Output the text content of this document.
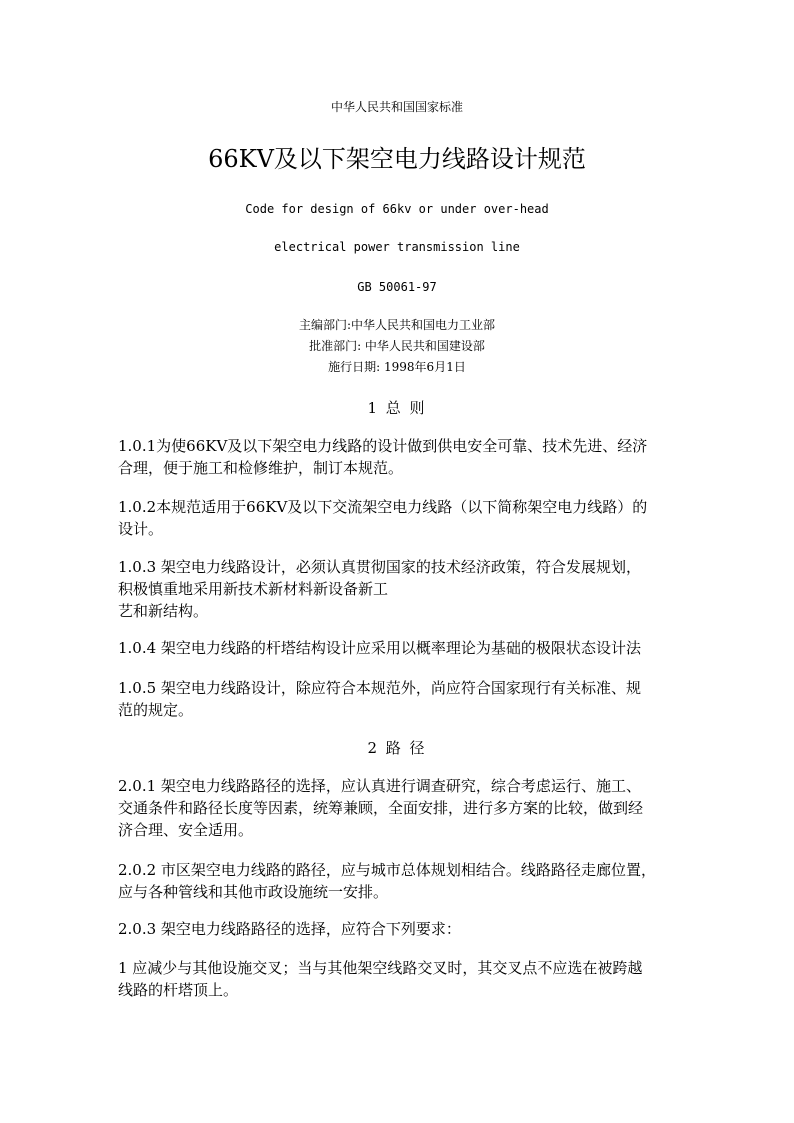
中华人民共和国国家标准
66KV及以下架空电力线路设计规范
Code for design of 66kv or under over-head
electrical power transmission line
GB 50061-97
主编部门:中华人民共和国电力工业部
批准部门: 中华人民共和国建设部
施行日期: 1998年6月1日
1 总 则
1.0.1为使66KV及以下架空电力线路的设计做到供电安全可靠、技术先进、经济
合理，便于施工和检修维护，制订本规范。
1.0.2本规范适用于66KV及以下交流架空电力线路（以下简称架空电力线路）的
设计。
1.0.3 架空电力线路设计，必须认真贯彻国家的技术经济政策，符合发展规划，
积极慎重地采用新技术新材料新设备新工
艺和新结构。
1.0.4 架空电力线路的杆塔结构设计应采用以概率理论为基础的极限状态设计法
1.0.5 架空电力线路设计，除应符合本规范外，尚应符合国家现行有关标准、规
范的规定。
2 路 径
2.0.1 架空电力线路路径的选择，应认真进行调查研究，综合考虑运行、施工、
交通条件和路径长度等因素，统筹兼顾，全面安排，进行多方案的比较，做到经
济合理、安全适用。
2.0.2 市区架空电力线路的路径，应与城市总体规划相结合。线路路径走廊位置，
应与各种管线和其他市政设施统一安排。
2.0.3 架空电力线路路径的选择，应符合下列要求：
1 应减少与其他设施交叉；当与其他架空线路交叉时，其交叉点不应选在被跨越
线路的杆塔顶上。
